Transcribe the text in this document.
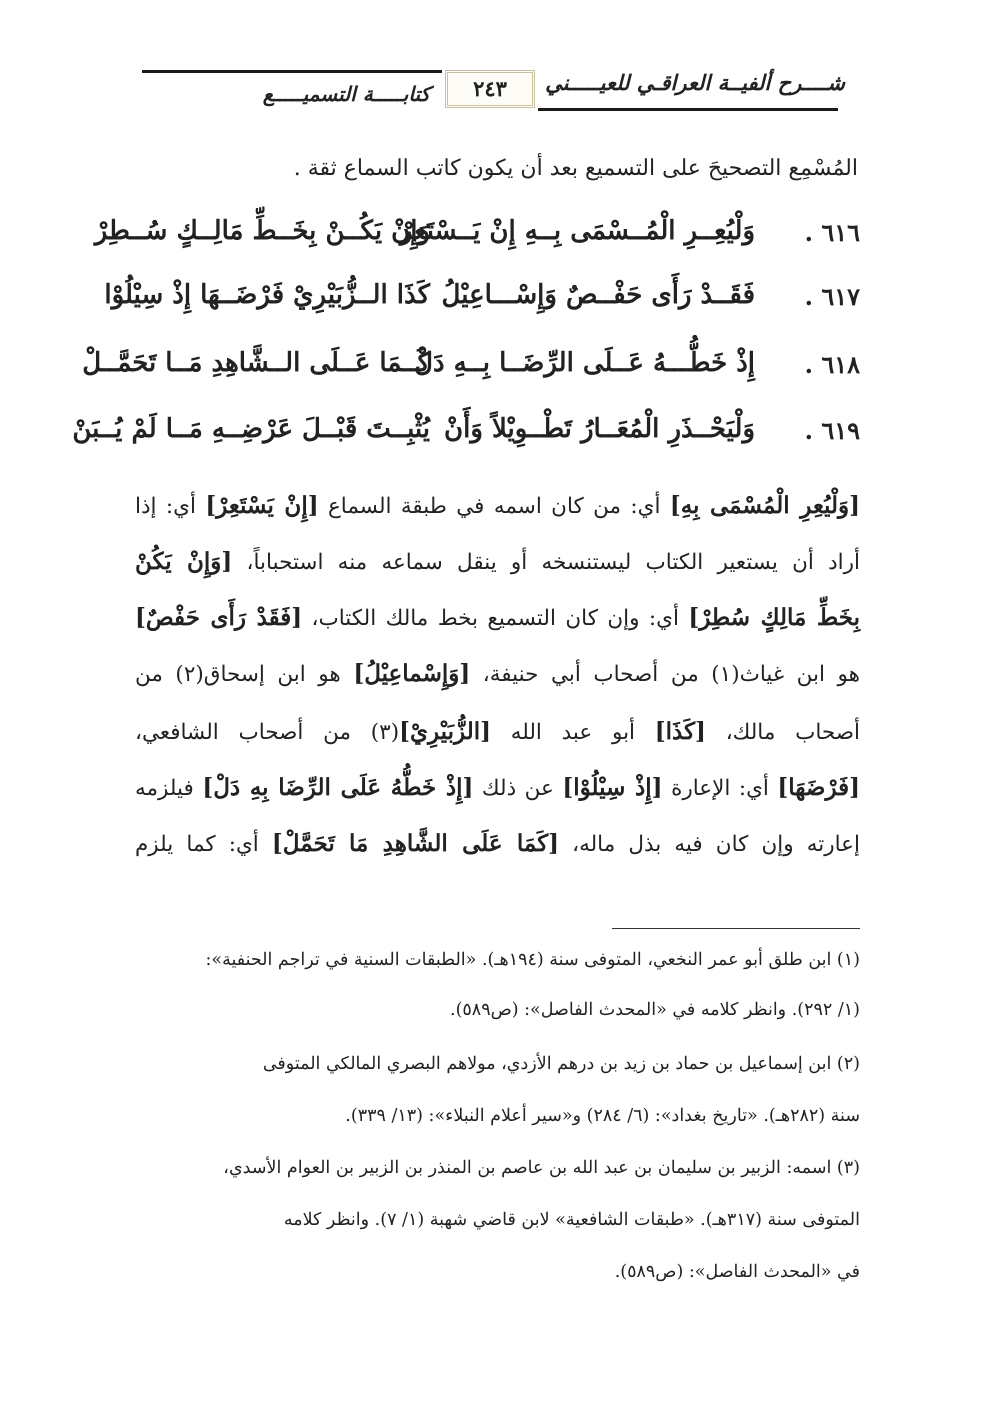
شــــرح ألفيــة العراقـي للعيـــــني
٢٤٣
كتابـــــة التسميـــــع
المُسْمِع التصحيحَ على التسميع بعد أن يكون كاتب السماع ثقة .
٦١٦ .
وَلْيُعِــرِ الْمُــسْمَى بِــهِ إِنْ يَــسْتَعِرْ
وَإِنْ يَكُــنْ بِخَــطِّ مَالِــكٍ سُــطِرْ
٦١٧ .
فَقَــدْ رَأَى حَفْــصٌ وَإِسْـــاعِيْلُ
كَذَا الــزُّبَيْرِيْ فَرْضَــهَا إِذْ سِيْلُوْا
٦١٨ .
إِذْ خَطُّـــهُ عَــلَى الرِّضَــا بِــهِ دَلْ
كَــمَا عَــلَى الــشَّاهِدِ مَــا تَحَمَّــلْ
٦١٩ .
وَلْيَحْــذَرِ الْمُعَــارُ تَطْــوِيْلاً وَأَنْ
يُثْبِــتَ قَبْــلَ عَرْضِــهِ مَــا لَمْ يُــبَنْ
[وَلْيُعِرِ الْمُسْمَى بِهِ] أي: من كان اسمه في طبقة السماع [إِنْ يَسْتَعِرْ] أي: إذا
أراد أن يستعير الكتاب ليستنسخه أو ينقل سماعه منه استحباباً، [وَإِنْ يَكُنْ
بِخَطِّ مَالِكٍ سُطِرْ] أي: وإن كان التسميع بخط مالك الكتاب، [فَقَدْ رَأَى حَفْصٌ]
هو ابن غياث(١) من أصحاب أبي حنيفة، [وَإِسْماعِيْلُ] هو ابن إسحاق(٢) من
أصحاب مالك، [كَذَا] أبو عبد الله [الزُّبَيْرِيْ](٣) من أصحاب الشافعي،
[فَرْضَهَا] أي: الإعارة [إِذْ سِيْلُوْا] عن ذلك [إِذْ خَطُّهُ عَلَى الرِّضَا بِهِ دَلْ] فيلزمه
إعارته وإن كان فيه بذل ماله، [كَمَا عَلَى الشَّاهِدِ مَا تَحَمَّلْ] أي: كما يلزم
(١) ابن طلق أبو عمر النخعي، المتوفى سنة (١٩٤هـ). «الطبقات السنية في تراجم الحنفية»:
(١/ ٢٩٢). وانظر كلامه في «المحدث الفاصل»: (ص٥٨٩).
(٢) ابن إسماعيل بن حماد بن زيد بن درهم الأزدي، مولاهم البصري المالكي المتوفى
سنة (٢٨٢هـ). «تاريخ بغداد»: (٦/ ٢٨٤) و«سير أعلام النبلاء»: (١٣/ ٣٣٩).
(٣) اسمه: الزبير بن سليمان بن عبد الله بن عاصم بن المنذر بن الزبير بن العوام الأسدي،
المتوفى سنة (٣١٧هـ). «طبقات الشافعية» لابن قاضي شهبة (١/ ٧). وانظر كلامه
في «المحدث الفاصل»: (ص٥٨٩).
